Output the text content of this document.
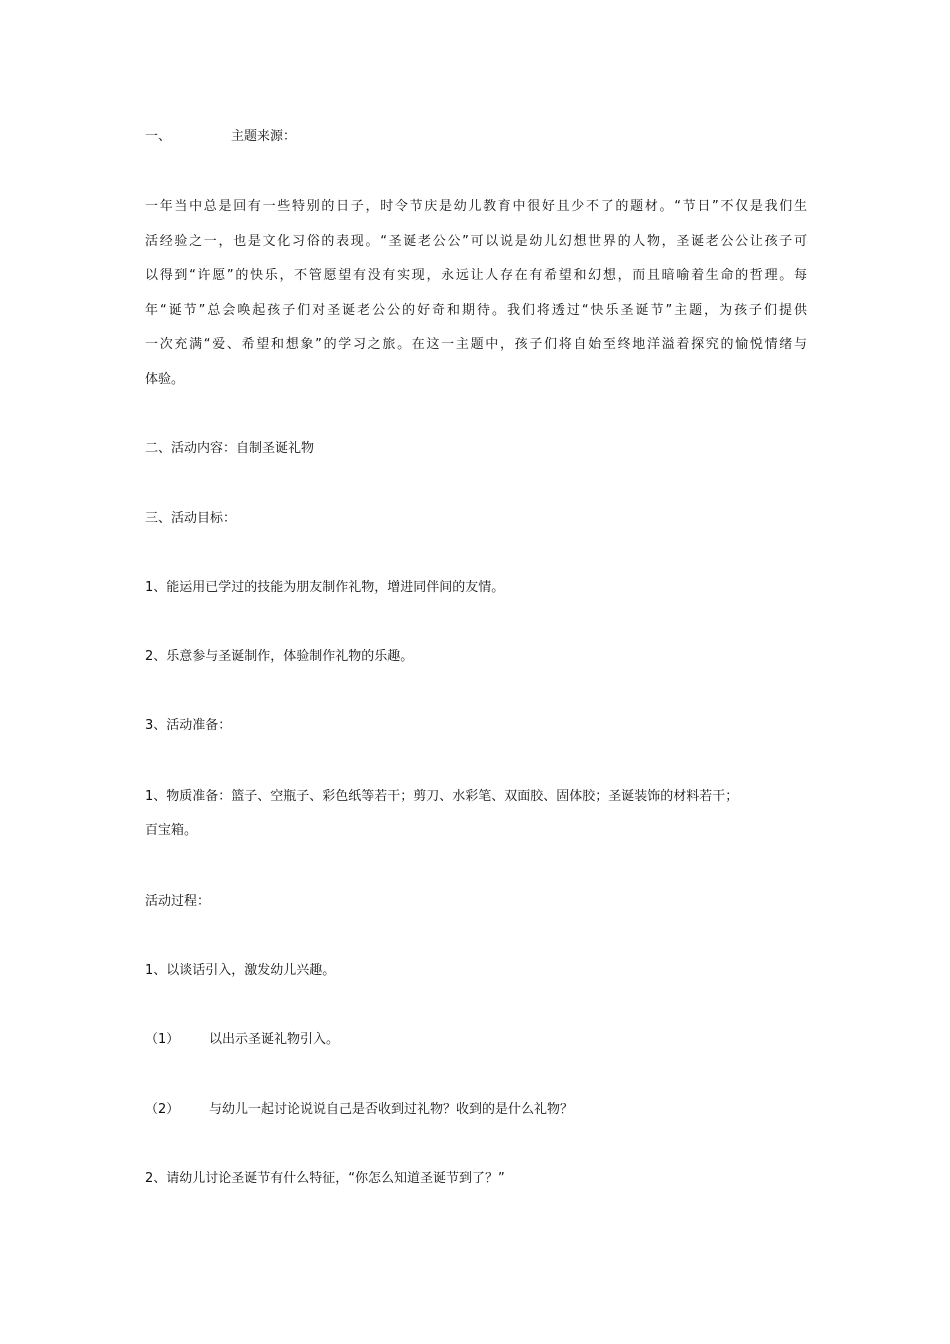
一、	主题来源：
一年当中总是回有一些特别的日子，时令节庆是幼儿教育中很好且少不了的题材。“节日”不仅是我们生
活经验之一，也是文化习俗的表现。“圣诞老公公”可以说是幼儿幻想世界的人物，圣诞老公公让孩子可
以得到“许愿”的快乐，不管愿望有没有实现，永远让人存在有希望和幻想，而且暗喻着生命的哲理。每
年“诞节”总会唤起孩子们对圣诞老公公的好奇和期待。我们将透过“快乐圣诞节”主题，为孩子们提供
一次充满“爱、希望和想象”的学习之旅。在这一主题中，孩子们将自始至终地洋溢着探究的愉悦情绪与
体验。
二、活动内容：自制圣诞礼物
三、活动目标：
1、能运用已学过的技能为朋友制作礼物，增进同伴间的友情。
2、乐意参与圣诞制作，体验制作礼物的乐趣。
3、活动准备：
1、物质准备：篮子、空瓶子、彩色纸等若干；剪刀、水彩笔、双面胶、固体胶；圣诞装饰的材料若干；
百宝箱。
活动过程：
1、以谈话引入，激发幼儿兴趣。
（1） 以出示圣诞礼物引入。
（2） 与幼儿一起讨论说说自己是否收到过礼物？收到的是什么礼物？
2、请幼儿讨论圣诞节有什么特征，“你怎么知道圣诞节到了？”
